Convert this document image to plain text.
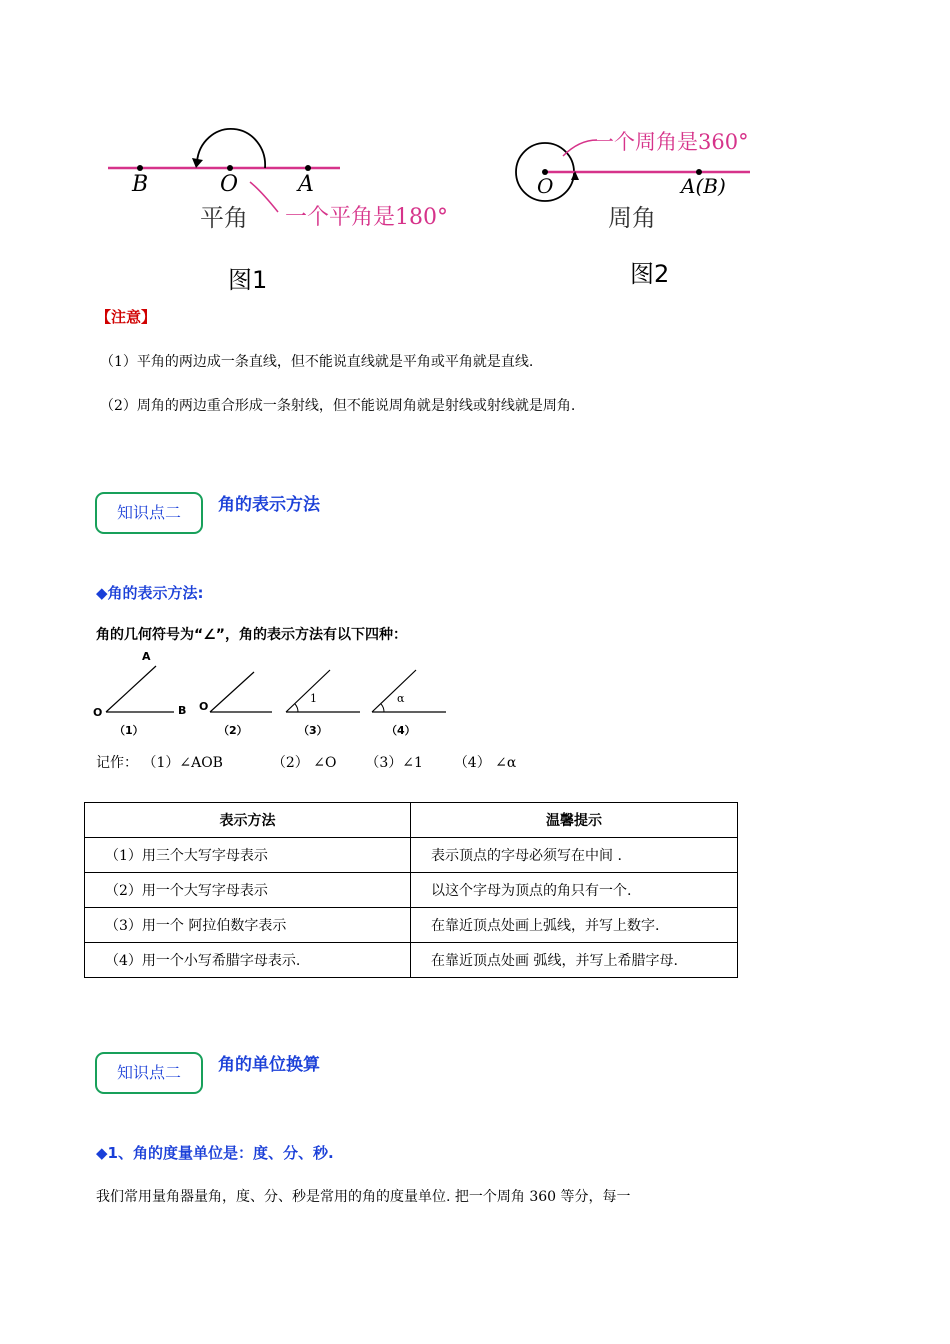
B	O	A
平角 一个平角是180°
图1
一个周角是360°
O	A(B)
周角
图2
【注意】
（1）平角的两边成一条直线，但不能说直线就是平角或平角就是直线.
（2）周角的两边重合形成一条射线，但不能说周角就是射线或射线就是周角.
知识点二	角的表示方法
◆角的表示方法:
角的几何符号为“∠”，角的表示方法有以下四种：
A
O	B
（1）
O
（2）
1
（3）
α
（4）
记作： （1）∠AOB	（2） ∠O （3）∠1 （4） ∠α
表示方法	温馨提示
（1）用三个大写字母表示	表示顶点的字母必须写在中间 .
（2）用一个大写字母表示	以这个字母为顶点的角只有一个.
（3）用一个 阿拉伯数字表示	在靠近顶点处画上弧线，并写上数字.
（4）用一个小写希腊字母表示.	在靠近顶点处画 弧线，并写上希腊字母.
知识点二	角的单位换算
◆1、角的度量单位是：度、分、秒.
我们常用量角器量角，度、分、秒是常用的角的度量单位. 把一个周角 360 等分，每一
